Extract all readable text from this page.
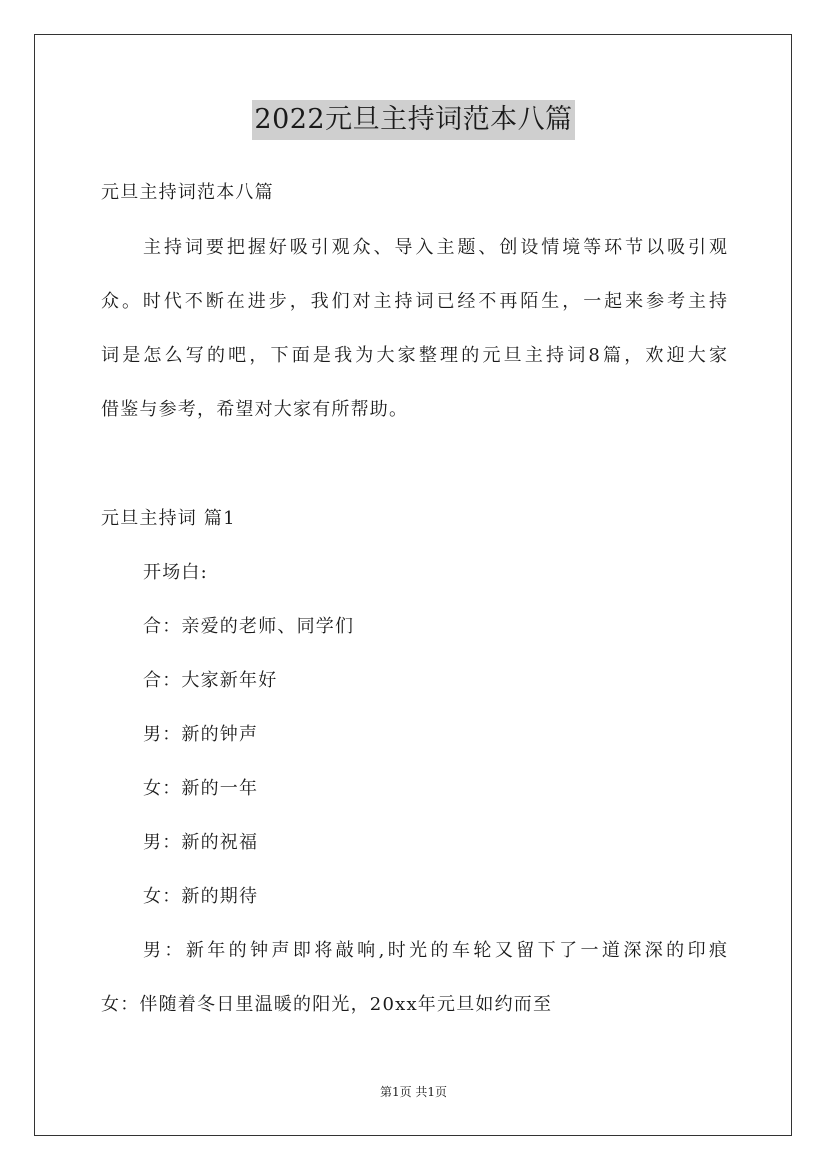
2022元旦主持词范本八篇
元旦主持词范本八篇
主持词要把握好吸引观众、导入主题、创设情境等环节以吸引观
众。时代不断在进步，我们对主持词已经不再陌生，一起来参考主持
词是怎么写的吧，下面是我为大家整理的元旦主持词8篇，欢迎大家
借鉴与参考，希望对大家有所帮助。
元旦主持词 篇1
开场白:
合：亲爱的老师、同学们
合：大家新年好
男：新的钟声
女：新的一年
男：新的祝福
女：新的期待
男：新年的钟声即将敲响,时光的车轮又留下了一道深深的印痕
女：伴随着冬日里温暖的阳光，20xx年元旦如约而至
第1页 共1页
